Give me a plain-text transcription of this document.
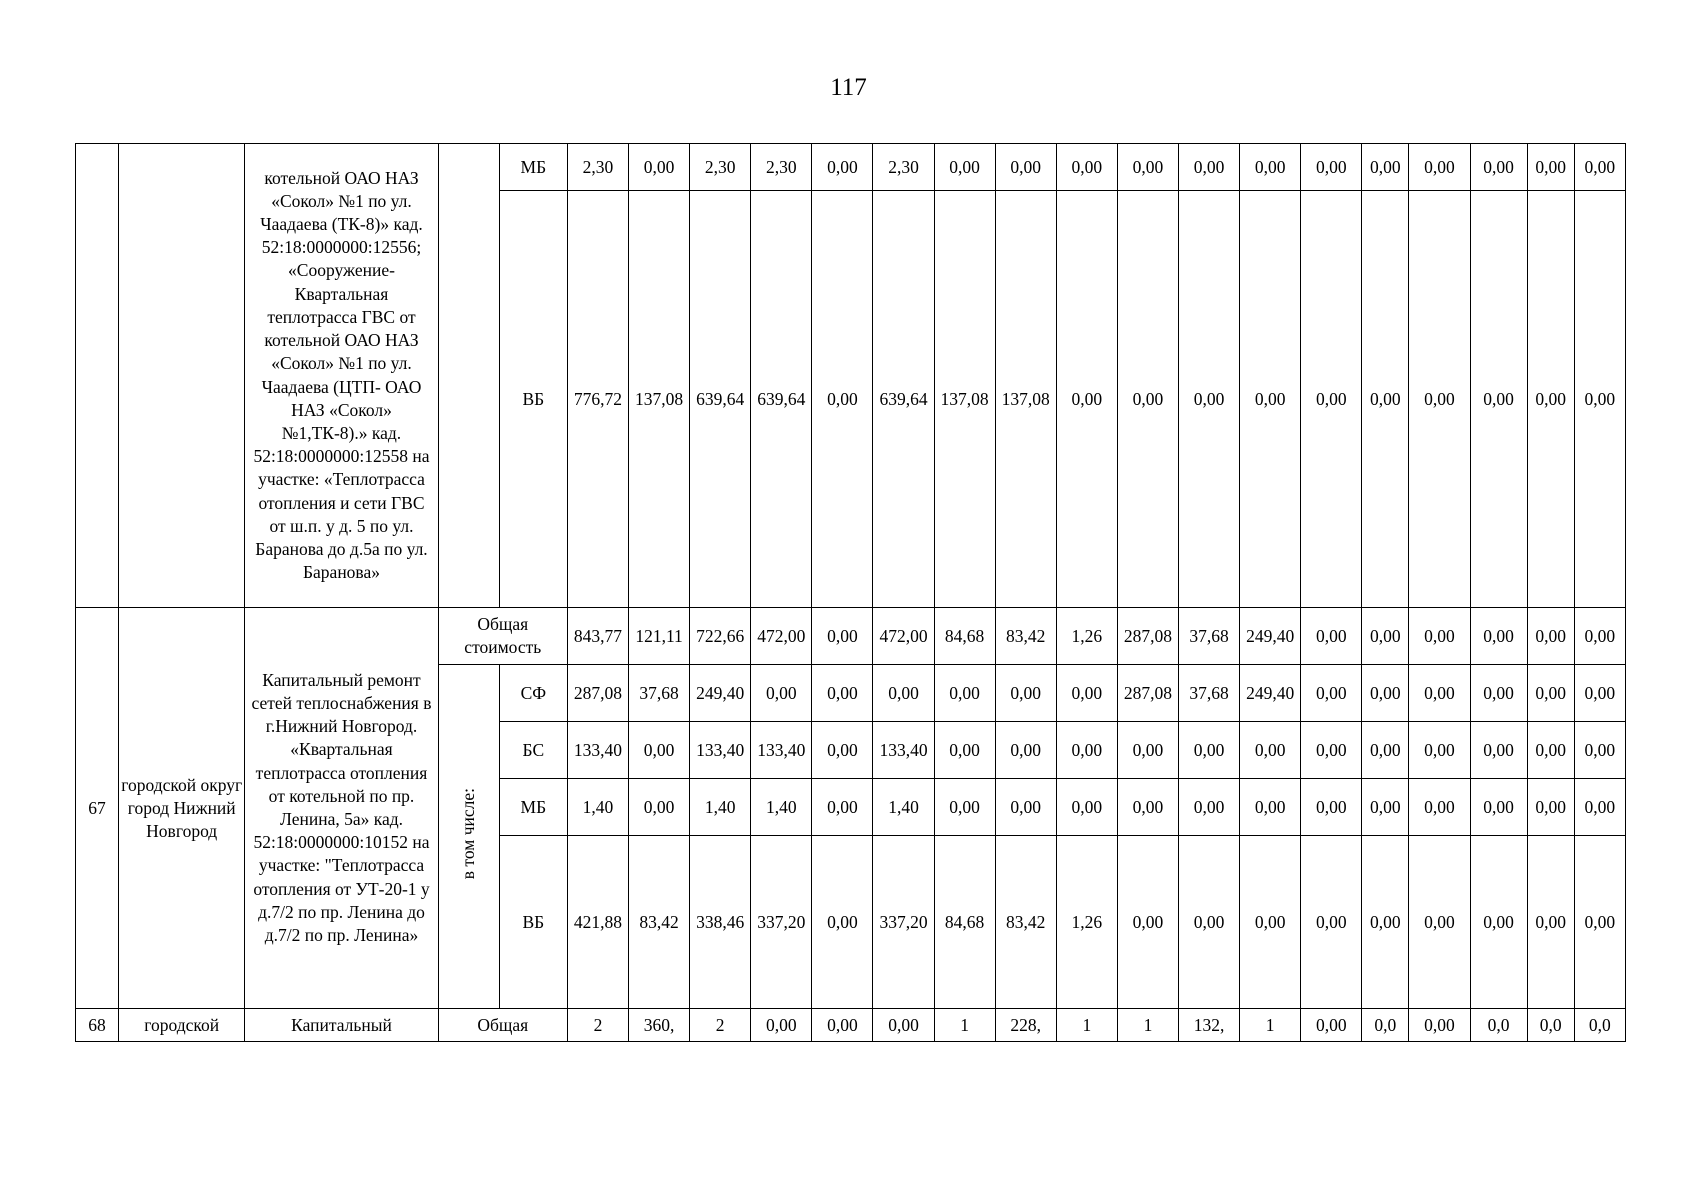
117
		котельной ОАО НАЗ «Сокол» №1 по ул. Чаадаева (ТК-8)» кад. 52:18:0000000:12556; «Сооружение-Квартальная теплотрасса ГВС от котельной ОАО НАЗ «Сокол» №1 по ул. Чаадаева (ЦТП- ОАО НАЗ «Сокол» №1,ТК-8).» кад. 52:18:0000000:12558 на участке: «Теплотрасса отопления и сети ГВС от ш.п. у д. 5 по ул. Баранова до д.5а по ул. Баранова»		МБ	2,30	0,00	2,30	2,30	0,00	2,30	0,00	0,00	0,00	0,00	0,00	0,00	0,00	0,00	0,00	0,00	0,00	0,00
				ВБ	776,72	137,08	639,64	639,64	0,00	639,64	137,08	137,08	0,00	0,00	0,00	0,00	0,00	0,00	0,00	0,00	0,00	0,00
67	городской округ город Нижний Новгород	Капитальный ремонт сетей теплоснабжения в г.Нижний Новгород. «Квартальная теплотрасса отопления от котельной по пр. Ленина, 5а» кад. 52:18:0000000:10152 на участке: "Теплотрасса отопления от УТ-20-1 у д.7/2 по пр. Ленина до д.7/2 по пр. Ленина»	Общая стоимость		843,77	121,11	722,66	472,00	0,00	472,00	84,68	83,42	1,26	287,08	37,68	249,40	0,00	0,00	0,00	0,00	0,00	0,00
			в том числе:	СФ	287,08	37,68	249,40	0,00	0,00	0,00	0,00	0,00	0,00	287,08	37,68	249,40	0,00	0,00	0,00	0,00	0,00	0,00
				БС	133,40	0,00	133,40	133,40	0,00	133,40	0,00	0,00	0,00	0,00	0,00	0,00	0,00	0,00	0,00	0,00	0,00	0,00
				МБ	1,40	0,00	1,40	1,40	0,00	1,40	0,00	0,00	0,00	0,00	0,00	0,00	0,00	0,00	0,00	0,00	0,00	0,00
				ВБ	421,88	83,42	338,46	337,20	0,00	337,20	84,68	83,42	1,26	0,00	0,00	0,00	0,00	0,00	0,00	0,00	0,00	0,00
68	городской	Капитальный	Общая		2	360,	2	0,00	0,00	0,00	1	228,	1	1	132,	1	0,00	0,0	0,00	0,0	0,0	0,0
